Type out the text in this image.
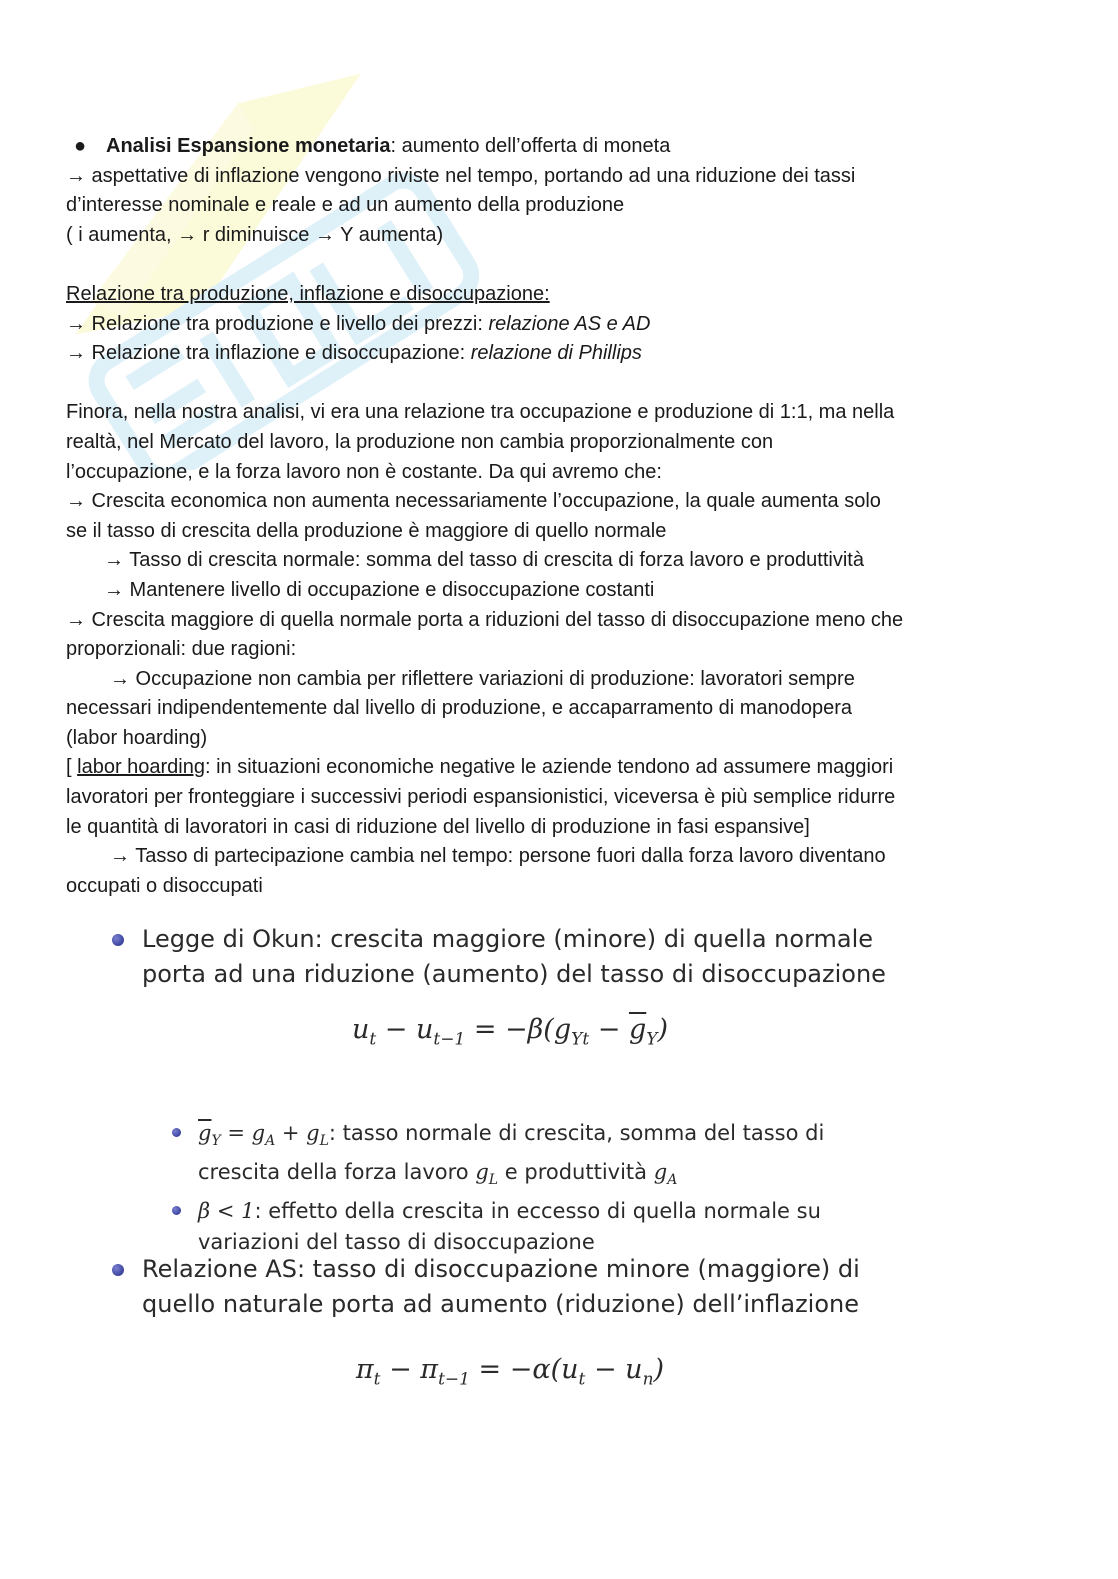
● Analisi Espansione monetaria: aumento dell’offerta di moneta
→ aspettative di inflazione vengono riviste nel tempo, portando ad una riduzione dei tassi
d’interesse nominale e reale e ad un aumento della produzione
( i aumenta, → r diminuisce → Y aumenta)
Relazione tra produzione, inflazione e disoccupazione:
→ Relazione tra produzione e livello dei prezzi: relazione AS e AD
→ Relazione tra inflazione e disoccupazione: relazione di Phillips
Finora, nella nostra analisi, vi era una relazione tra occupazione e produzione di 1:1, ma nella
realtà, nel Mercato del lavoro, la produzione non cambia proporzionalmente con
l’occupazione, e la forza lavoro non è costante. Da qui avremo che:
→ Crescita economica non aumenta necessariamente l’occupazione, la quale aumenta solo
se il tasso di crescita della produzione è maggiore di quello normale
→ Tasso di crescita normale: somma del tasso di crescita di forza lavoro e produttività
→ Mantenere livello di occupazione e disoccupazione costanti
→ Crescita maggiore di quella normale porta a riduzioni del tasso di disoccupazione meno che
proporzionali: due ragioni:
→ Occupazione non cambia per riflettere variazioni di produzione: lavoratori sempre
necessari indipendentemente dal livello di produzione, e accaparramento di manodopera
(labor hoarding)
[ labor hoarding: in situazioni economiche negative le aziende tendono ad assumere maggiori
lavoratori per fronteggiare i successivi periodi espansionistici, viceversa è più semplice ridurre
le quantità di lavoratori in casi di riduzione del livello di produzione in fasi espansive]
→ Tasso di partecipazione cambia nel tempo: persone fuori dalla forza lavoro diventano
occupati o disoccupati
Legge di Okun: crescita maggiore (minore) di quella normale
porta ad una riduzione (aumento) del tasso di disoccupazione
$u_t - u_{t-1} = -\beta(g_{Yt} - \overline{g}_Y)$
$\overline{g}_Y = g_A + g_L$: tasso normale di crescita, somma del tasso di
crescita della forza lavoro $g_L$ e produttività $g_A$
β < 1: effetto della crescita in eccesso di quella normale su
variazioni del tasso di disoccupazione
Relazione AS: tasso di disoccupazione minore (maggiore) di
quello naturale porta ad aumento (riduzione) dell’inflazione
$\pi_t - \pi_{t-1} = -\alpha(u_t - u_n)$
